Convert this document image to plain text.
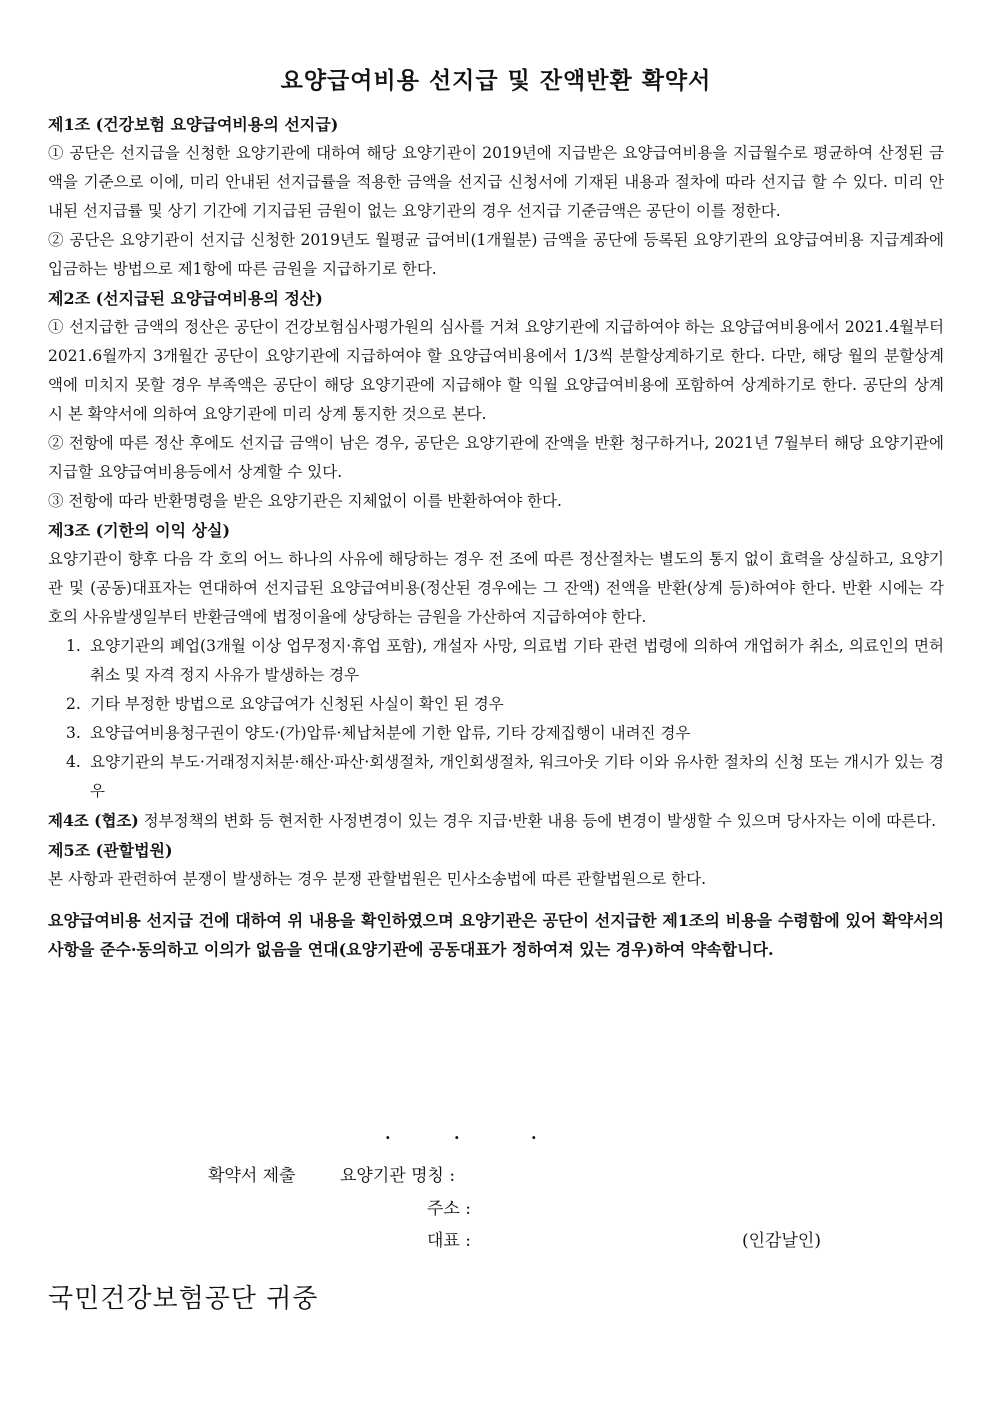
요양급여비용 선지급 및 잔액반환 확약서
제1조 (건강보험 요양급여비용의 선지급)

① 공단은 선지급을 신청한 요양기관에 대하여 해당 요양기관이 2019년에 지급받은 요양급여비용을 지급월수로 평균하여 산정된 금액을 기준으로 이에, 미리 안내된 선지급률을 적용한 금액을 선지급 신청서에 기재된 내용과 절차에 따라 선지급 할 수 있다. 미리 안내된 선지급률 및 상기 기간에 기지급된 금원이 없는 요양기관의 경우 선지급 기준금액은 공단이 이를 정한다.

② 공단은 요양기관이 선지급 신청한 2019년도 월평균 급여비(1개월분) 금액을 공단에 등록된 요양기관의 요양급여비용 지급계좌에 입금하는 방법으로 제1항에 따른 금원을 지급하기로 한다.

제2조 (선지급된 요양급여비용의 정산)

① 선지급한 금액의 정산은 공단이 건강보험심사평가원의 심사를 거쳐 요양기관에 지급하여야 하는 요양급여비용에서 2021.4월부터 2021.6월까지 3개월간 공단이 요양기관에 지급하여야 할 요양급여비용에서 1/3씩 분할상계하기로 한다. 다만, 해당 월의 분할상계액에 미치지 못할 경우 부족액은 공단이 해당 요양기관에 지급해야 할 익월 요양급여비용에 포함하여 상계하기로 한다. 공단의 상계 시 본 확약서에 의하여 요양기관에 미리 상계 통지한 것으로 본다.

② 전항에 따른 정산 후에도 선지급 금액이 남은 경우, 공단은 요양기관에 잔액을 반환 청구하거나, 2021년 7월부터 해당 요양기관에 지급할 요양급여비용등에서 상계할 수 있다.

③ 전항에 따라 반환명령을 받은 요양기관은 지체없이 이를 반환하여야 한다.

제3조 (기한의 이익 상실)

요양기관이 향후 다음 각 호의 어느 하나의 사유에 해당하는 경우 전 조에 따른 정산절차는 별도의 통지 없이 효력을 상실하고, 요양기관 및 (공동)대표자는 연대하여 선지급된 요양급여비용(정산된 경우에는 그 잔액) 전액을 반환(상계 등)하여야 한다. 반환 시에는 각 호의 사유발생일부터 반환금액에 법정이율에 상당하는 금원을 가산하여 지급하여야 한다.

1. 요양기관의 폐업(3개월 이상 업무정지·휴업 포함), 개설자 사망, 의료법 기타 관련 법령에 의하여 개업허가 취소, 의료인의 면허 취소 및 자격 정지 사유가 발생하는 경우
2. 기타 부정한 방법으로 요양급여가 신청된 사실이 확인 된 경우
3. 요양급여비용청구권이 양도·(가)압류·체납처분에 기한 압류, 기타 강제집행이 내려진 경우
4. 요양기관의 부도·거래정지처분·해산·파산·회생절차, 개인회생절차, 워크아웃 기타 이와 유사한 절차의 신청 또는 개시가 있는 경우

제4조 (협조) 정부정책의 변화 등 현저한 사정변경이 있는 경우 지급·반환 내용 등에 변경이 발생할 수 있으며 당사자는 이에 따른다.

제5조 (관할법원)

본 사항과 관련하여 분쟁이 발생하는 경우 분쟁 관할법원은 민사소송법에 따른 관할법원으로 한다.

요양급여비용 선지급 건에 대하여 위 내용을 확인하였으며 요양기관은 공단이 선지급한 제1조의 비용을 수령함에 있어 확약서의 사항을 준수·동의하고 이의가 없음을 연대(요양기관에 공동대표가 정하여져 있는 경우)하여 약속합니다.
.	.	.
확약서 제출	요양기관 명칭 :
주소 :
대표 :	(인감날인)
국민건강보험공단 귀중
